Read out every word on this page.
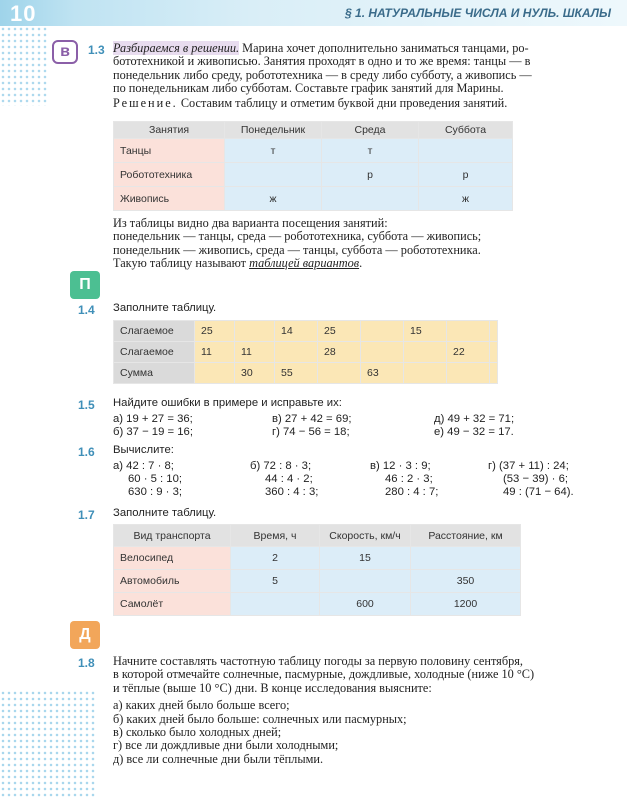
10	§ 1. НАТУРАЛЬНЫЕ ЧИСЛА И НУЛЬ. ШКАЛЫ
в	1.3 Разбираемся в решении. Марина хочет дополнительно заниматься танцами, ро-
бототехникой и живописью. Занятия проходят в одно и то же время: танцы — в
понедельник либо среду, робототехника — в среду либо субботу, а живопись —
по понедельникам либо субботам. Составьте график занятий для Марины.
Решение. Составим таблицу и отметим буквой дни проведения занятий.
Занятия	Понедельник	Среда	Суббота
Танцы	т	т	
Робототехника		р	р
Живопись	ж		ж
Из таблицы видно два варианта посещения занятий:
понедельник — танцы, среда — робототехника, суббота — живопись;
понедельник — живопись, среда — танцы, суббота — робототехника.
Такую таблицу называют таблицей вариантов.
П
1.4 Заполните таблицу.
Слагаемое	25		14	25		15		
Слагаемое	11	11		28			22	
Сумма		30	55		63			
1.5 Найдите ошибки в примере и исправьте их:
а) 19 + 27 = 36;
б) 37 − 19 = 16;
в) 27 + 42 = 69;
г) 74 − 56 = 18;
д) 49 + 32 = 71;
е) 49 − 32 = 17.
1.6 Вычислите:
а) 42 : 7 · 8;
60 · 5 : 10;
630 : 9 · 3;
б) 72 : 8 · 3;
44 : 4 · 2;
360 : 4 : 3;
в) 12 · 3 : 9;
46 : 2 · 3;
280 : 4 : 7;
г) (37 + 11) : 24;
(53 − 39) · 6;
49 : (71 − 64).
1.7 Заполните таблицу.
Вид транспорта	Время, ч	Скорость, км/ч	Расстояние, км
Велосипед	2	15	
Автомобиль	5		350
Самолёт		600	1200
Д
1.8 Начните составлять частотную таблицу погоды за первую половину сентября,
в которой отмечайте солнечные, пасмурные, дождливые, холодные (ниже 10 °С)
и тёплые (выше 10 °С) дни. В конце исследования выясните:
а) каких дней было больше всего;
б) каких дней было больше: солнечных или пасмурных;
в) сколько было холодных дней;
г) все ли дождливые дни были холодными;
д) все ли солнечные дни были тёплыми.
